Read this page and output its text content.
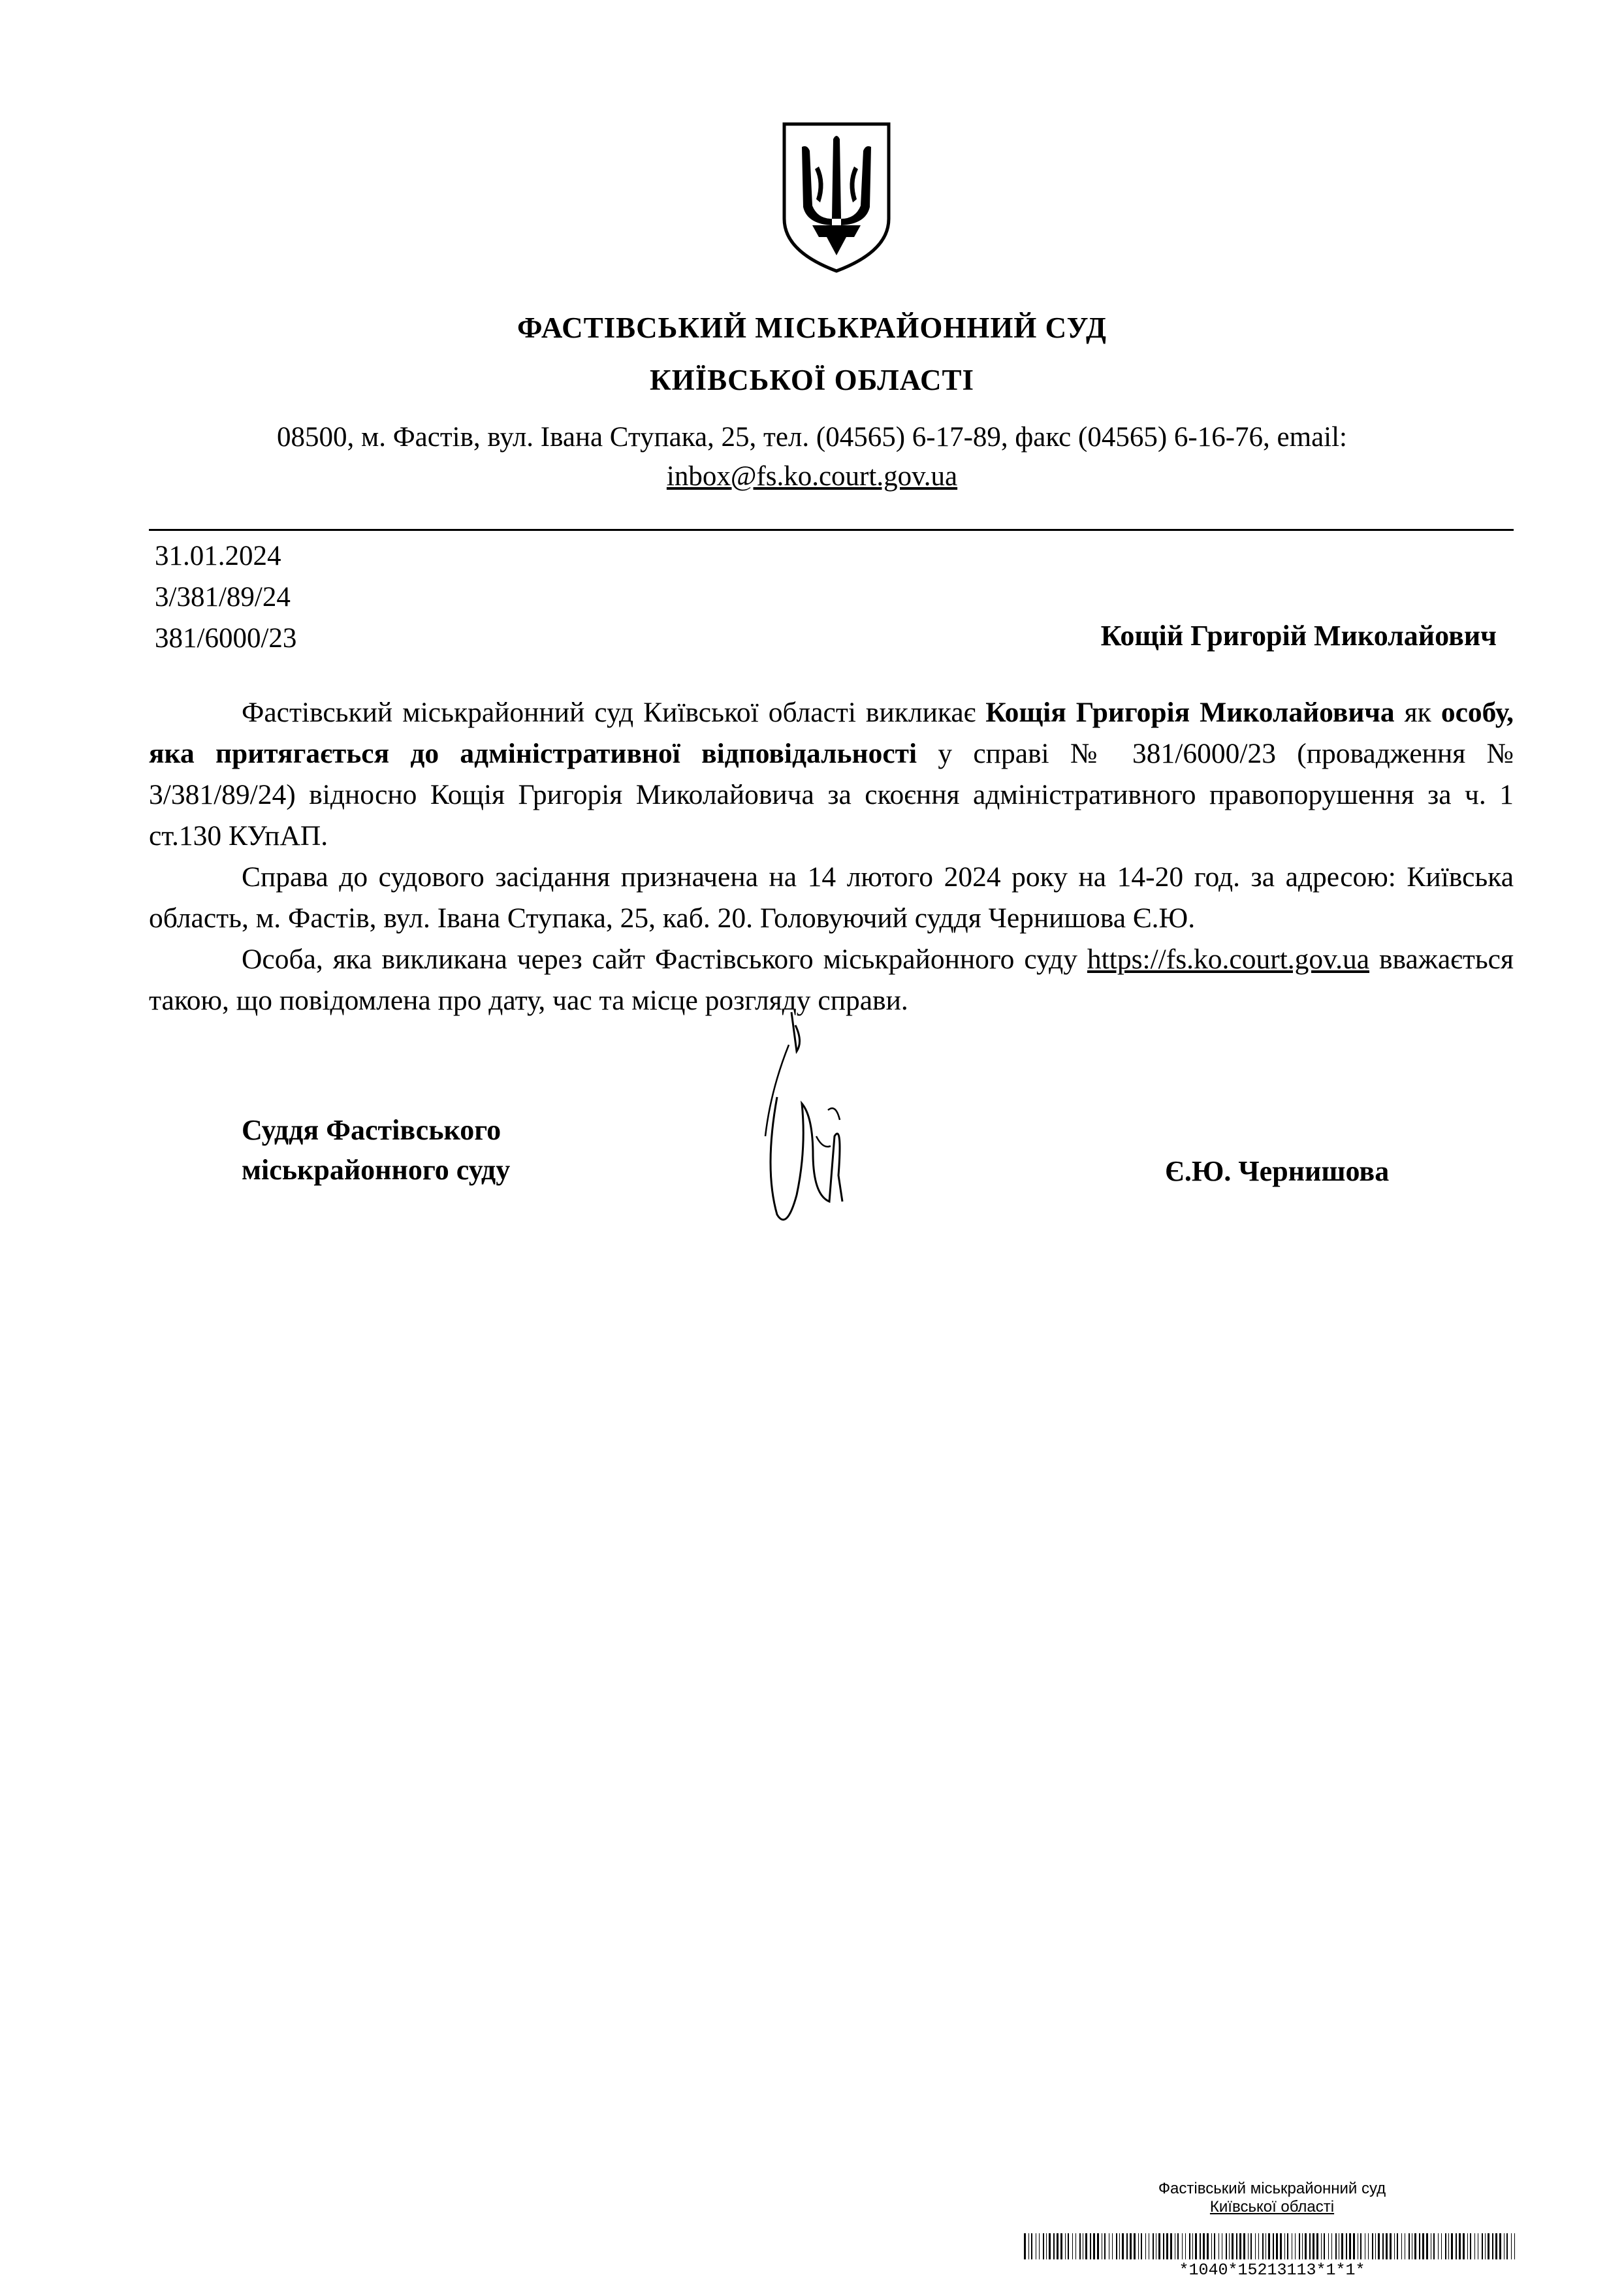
ФАСТІВСЬКИЙ МІСЬКРАЙОННИЙ СУД
КИЇВСЬКОЇ ОБЛАСТІ
08500, м. Фастів, вул. Івана Ступака, 25, тел. (04565) 6-17-89, факс (04565) 6-16-76, email:
inbox@fs.ko.court.gov.ua
31.01.2024
3/381/89/24
381/6000/23	Кощій Григорій Миколайович

Фастівський міськрайонний суд Київської області викликає Кощія Григорія Миколайовича як особу, яка притягається до адміністративної відповідальності у справі № 381/6000/23 (провадження № 3/381/89/24) відносно Кощія Григорія Миколайовича за скоєння адміністративного правопорушення за ч. 1 ст.130 КУпАП.

Справа до судового засідання призначена на 14 лютого 2024 року на 14-20 год. за адресою: Київська область, м. Фастів, вул. Івана Ступака, 25, каб. 20. Головуючий суддя Чернишова Є.Ю.

Особа, яка викликана через сайт Фастівського міськрайонного суду https://fs.ko.court.gov.ua вважається такою, що повідомлена про дату, час та місце розгляду справи.

Суддя Фастівського
міськрайонного суду	Є.Ю. Чернишова
Фастівський міськрайонний суд
Київської області
*1040*15213113*1*1*
